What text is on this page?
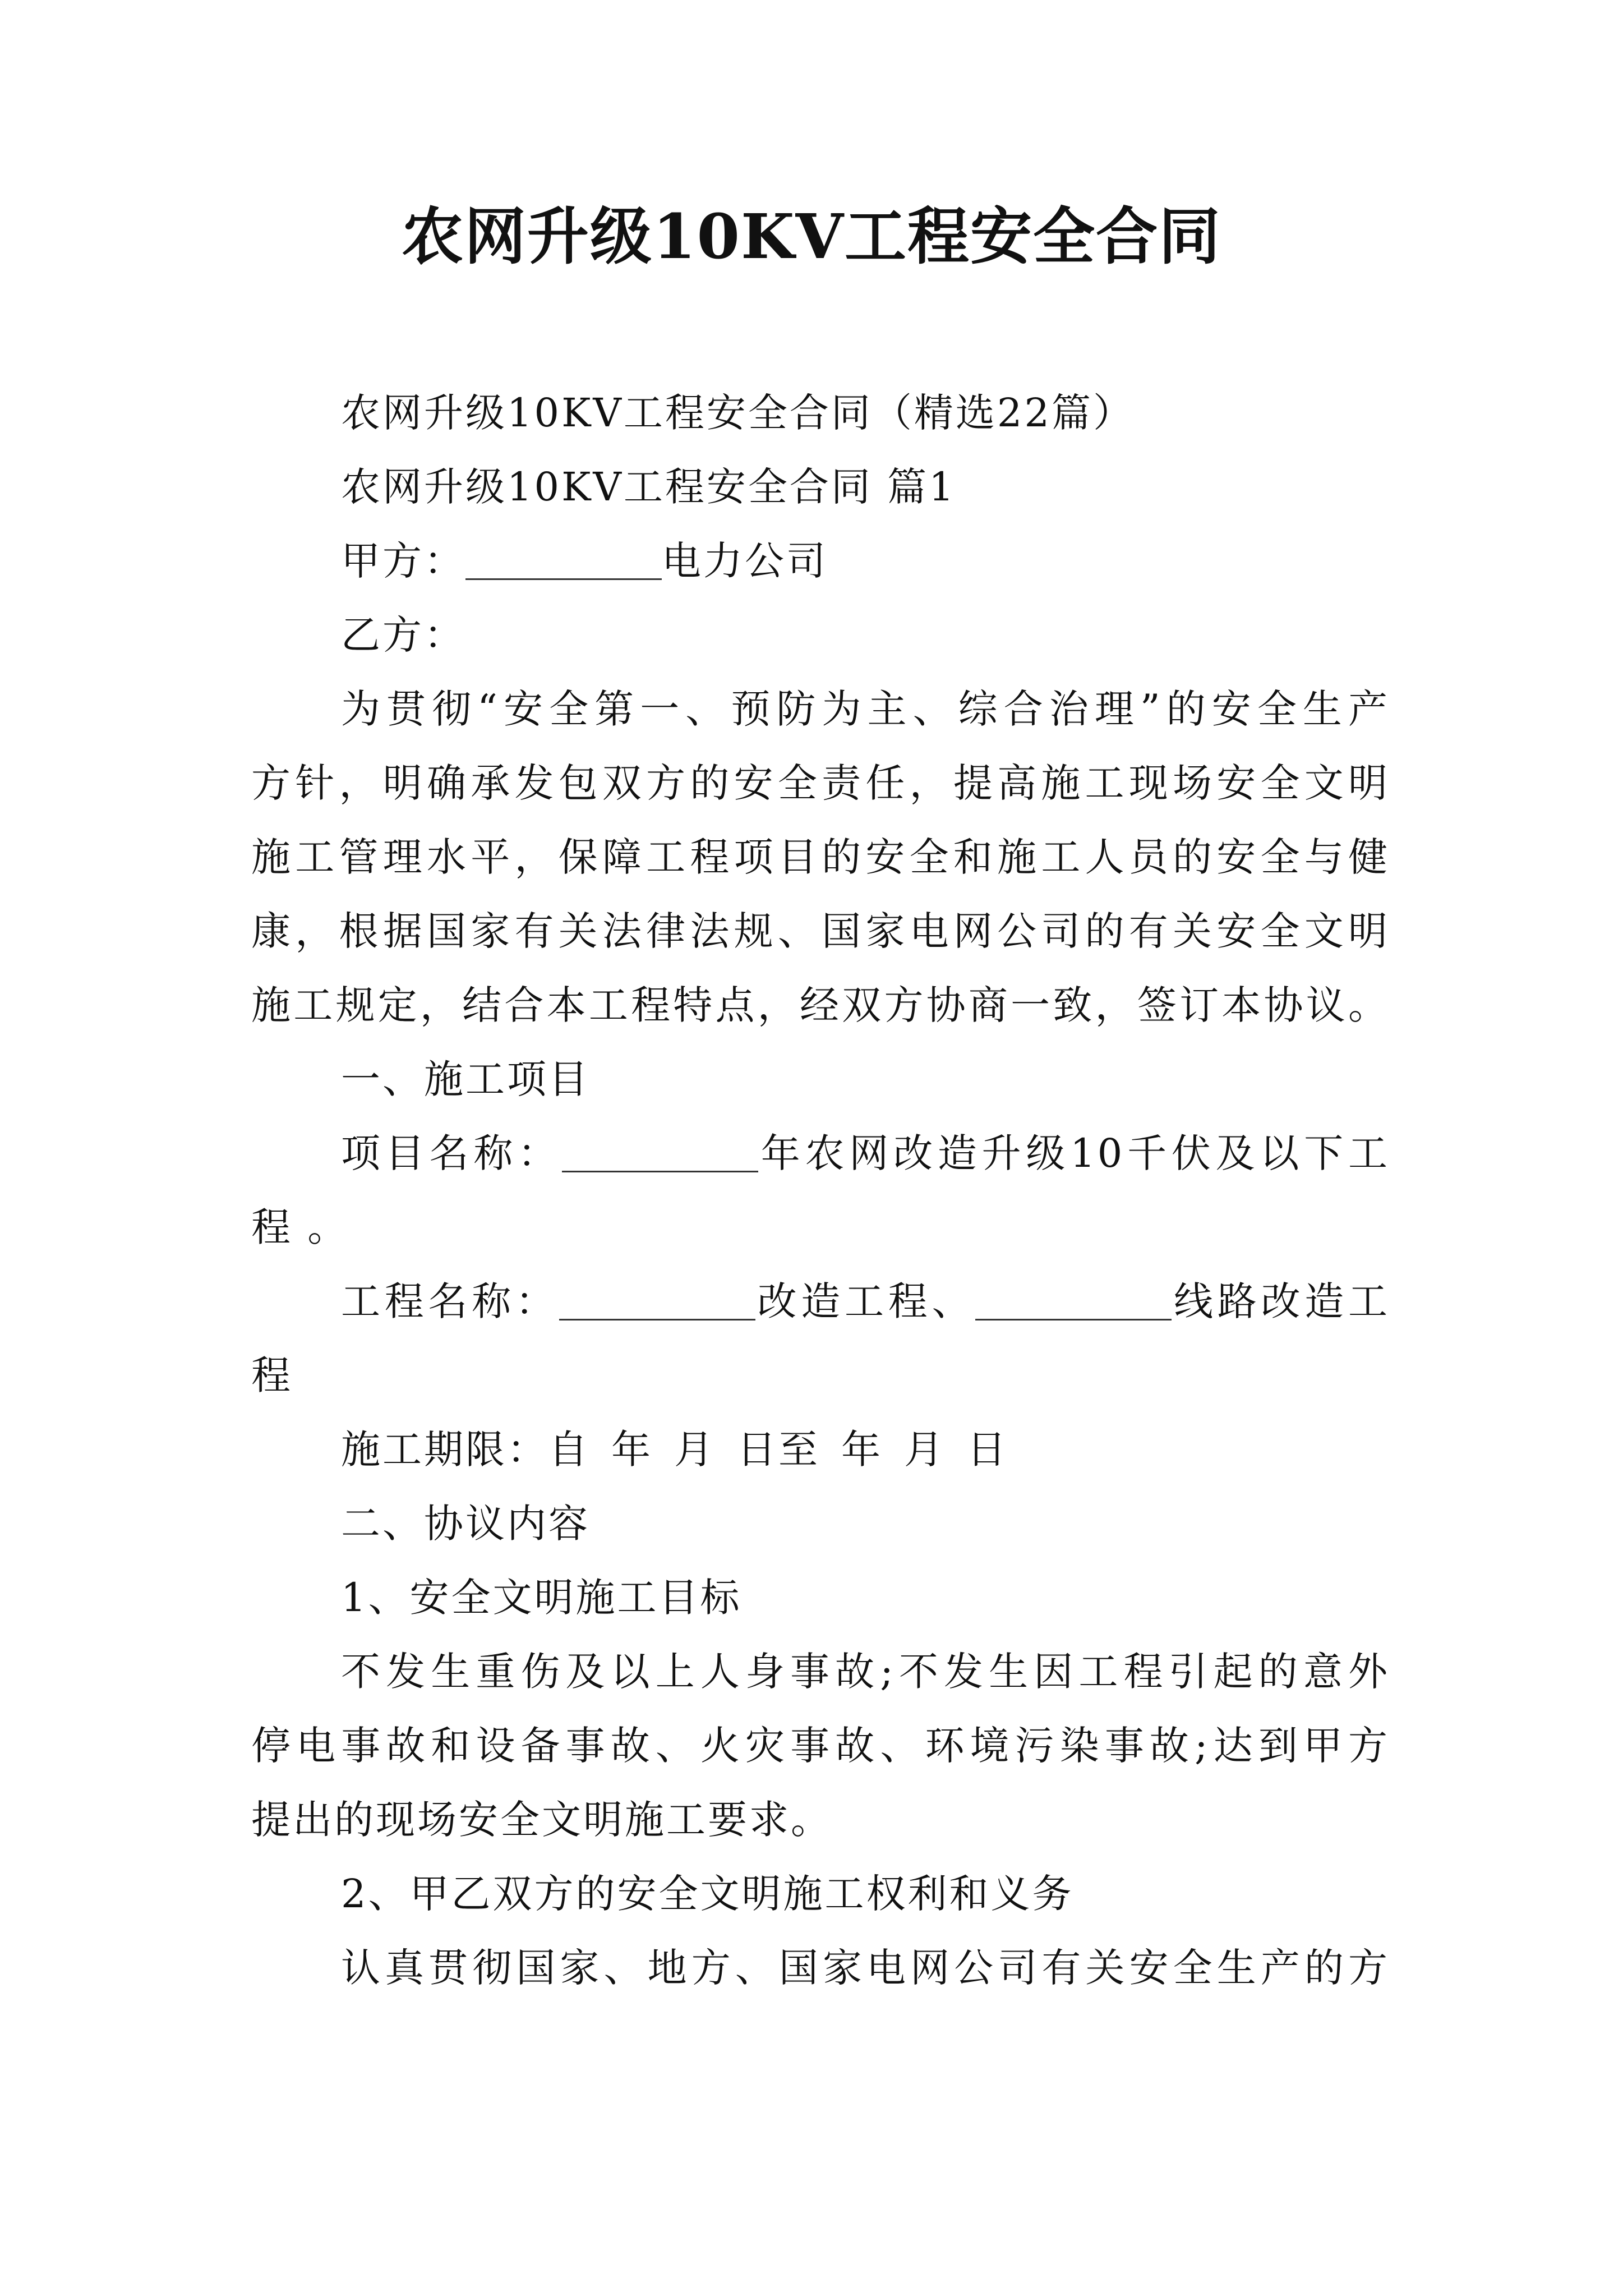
农网升级10KV工程安全合同
农网升级10KV工程安全合同（精选22篇）
农网升级10KV工程安全合同 篇1
甲方：	电力公司
乙方：
为贯彻“安全第一、预防为主、综合治理”的安全生产
方针，明确承发包双方的安全责任，提高施工现场安全文明
施工管理水平，保障工程项目的安全和施工人员的安全与健
康，根据国家有关法律法规、国家电网公司的有关安全文明
施工规定，结合本工程特点，经双方协商一致，签订本协议。
一、施工项目
项目名称：	年农网改造升级10千伏及以下工
程 。
工程名称：	改造工程、	线路改造工
程
施工期限：自 年 月 日至 年 月 日
二、协议内容
1、安全文明施工目标
不发生重伤及以上人身事故;不发生因工程引起的意外
停电事故和设备事故、火灾事故、环境污染事故;达到甲方
提出的现场安全文明施工要求。
2、甲乙双方的安全文明施工权利和义务
认真贯彻国家、地方、国家电网公司有关安全生产的方
